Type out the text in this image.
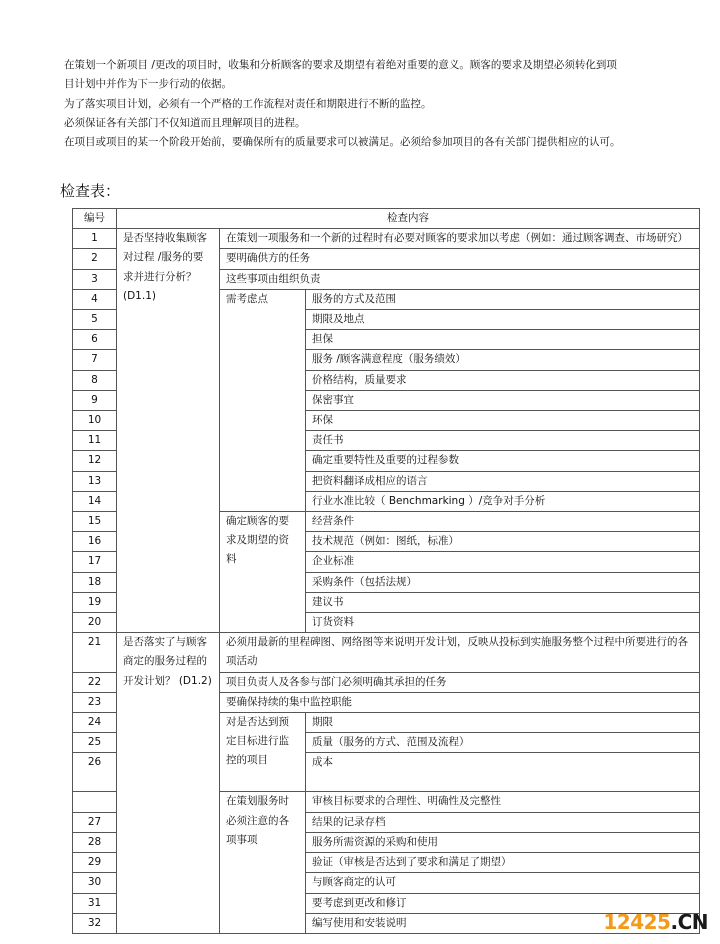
在策划一个新项目 /更改的项目时，收集和分析顾客的要求及期望有着绝对重要的意义。顾客的要求及期望必须转化到项目计划中并作为下一步行动的依据。

为了落实项目计划，必须有一个严格的工作流程对责任和期限进行不断的监控。

必须保证各有关部门不仅知道而且理解项目的进程。

在项目或项目的某一个阶段开始前，要确保所有的质量要求可以被满足。必须给参加项目的各有关部门提供相应的认可。

检查表：
编号	检查内容		
1	是否坚持收集顾客对过程 /服务的要求并进行分析？ (D1.1)	在策划一项服务和一个新的过程时有必要对顾客的要求加以考虑（例如：通过顾客调查、市场研究）	
2		要明确供方的任务	
3		这些事项由组织负责	
4		需考虑点	服务的方式及范围
5			期限及地点
6			担保
7			服务 /顾客满意程度（服务绩效）
8			价格结构，质量要求
9			保密事宜
10			环保
11			责任书
12			确定重要特性及重要的过程参数
13			把资料翻译成相应的语言
14			行业水准比较（ Benchmarking ）/竞争对手分析
15		确定顾客的要求及期望的资料	经营条件
16			技术规范（例如：图纸，标准）
17			企业标准
18			采购条件（包括法规）
19			建议书
20			订货资料
21	是否落实了与顾客商定的服务过程的开发计划？ (D1.2)	必须用最新的里程碑图、网络图等来说明开发计划，反映从投标到实施服务整个过程中所要进行的各项活动	
22		项目负责人及各参与部门必须明确其承担的任务	
23		要确保持续的集中监控职能	
24		对是否达到预定目标进行监控的项目	期限
25			质量（服务的方式、范围及流程）
26			成本
		在策划服务时必须注意的各项事项	审核目标要求的合理性、明确性及完整性
27			结果的记录存档
28			服务所需资源的采购和使用
29			验证（审核是否达到了要求和满足了期望）
30			与顾客商定的认可
31			要考虑到更改和修订
32			编写使用和安装说明	12425.CN
